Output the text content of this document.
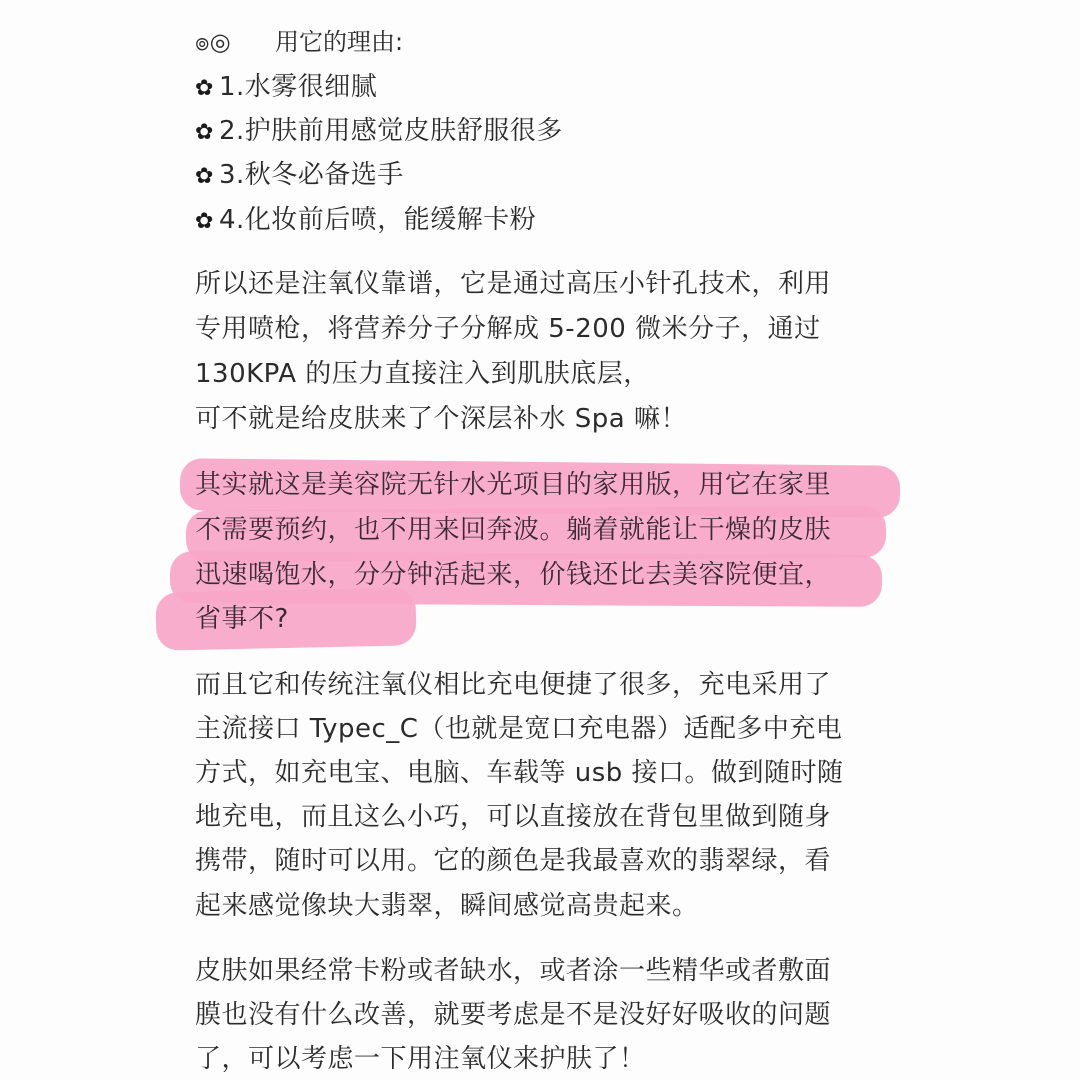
๏◎ 用它的理由:
✿ 1.水雾很细腻
✿ 2.护肤前用感觉皮肤舒服很多
✿ 3.秋冬必备选手
✿ 4.化妆前后喷，能缓解卡粉
所以还是注氧仪靠谱，它是通过高压小针孔技术，利用
专用喷枪，将营养分子分解成 5-200 微米分子，通过
130KPA 的压力直接注入到肌肤底层，
可不就是给皮肤来了个深层补水 Spa 嘛！
其实就这是美容院无针水光项目的家用版，用它在家里
不需要预约，也不用来回奔波。躺着就能让干燥的皮肤
迅速喝饱水，分分钟活起来，价钱还比去美容院便宜，
省事不?
而且它和传统注氧仪相比充电便捷了很多，充电采用了
主流接口 Typec_C（也就是宽口充电器）适配多中充电
方式，如充电宝、电脑、车载等 usb 接口。做到随时随
地充电，而且这么小巧，可以直接放在背包里做到随身
携带，随时可以用。它的颜色是我最喜欢的翡翠绿，看
起来感觉像块大翡翠，瞬间感觉高贵起来。
皮肤如果经常卡粉或者缺水，或者涂一些精华或者敷面
膜也没有什么改善，就要考虑是不是没好好吸收的问题
了，可以考虑一下用注氧仪来护肤了！
